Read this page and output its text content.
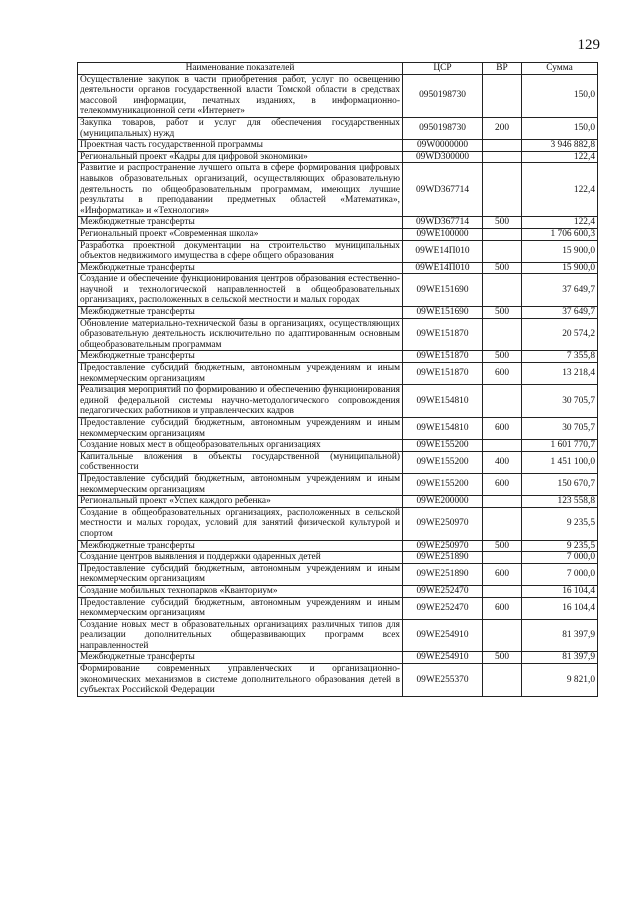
129
Наименование показателей	ЦСР	ВР	Сумма
Осуществление закупок в части приобретения работ, услуг по освещению деятельности органов государственной власти Томской области в средствах массовой информации, печатных изданиях, в информационно-телекоммуникационной сети «Интернет»	0950198730		150,0
Закупка товаров, работ и услуг для обеспечения государственных (муниципальных) нужд	0950198730	200	150,0
Проектная часть государственной программы	09W0000000		3 946 882,8
Региональный проект «Кадры для цифровой экономики»	09WD300000		122,4
Развитие и распространение лучшего опыта в сфере формирования цифровых навыков образовательных организаций, осуществляющих образовательную деятельность по общеобразовательным программам, имеющих лучшие результаты в преподавании предметных областей «Математика», «Информатика» и «Технология»	09WD367714		122,4
Межбюджетные трансферты	09WD367714	500	122,4
Региональный проект «Современная школа»	09WE100000		1 706 600,3
Разработка проектной документации на строительство муниципальных объектов недвижимого имущества в сфере общего образования	09WE14П010		15 900,0
Межбюджетные трансферты	09WE14П010	500	15 900,0
Создание и обеспечение функционирования центров образования естественно-научной и технологической направленностей в общеобразовательных организациях, расположенных в сельской местности и малых городах	09WE151690		37 649,7
Межбюджетные трансферты	09WE151690	500	37 649,7
Обновление материально-технической базы в организациях, осуществляющих образовательную деятельность исключительно по адаптированным основным общеобразовательным программам	09WE151870		20 574,2
Межбюджетные трансферты	09WE151870	500	7 355,8
Предоставление субсидий бюджетным, автономным учреждениям и иным некоммерческим организациям	09WE151870	600	13 218,4
Реализация мероприятий по формированию и обеспечению функционирования единой федеральной системы научно-методологического сопровождения педагогических работников и управленческих кадров	09WE154810		30 705,7
Предоставление субсидий бюджетным, автономным учреждениям и иным некоммерческим организациям	09WE154810	600	30 705,7
Создание новых мест в общеобразовательных организациях	09WE155200		1 601 770,7
Капитальные вложения в объекты государственной (муниципальной) собственности	09WE155200	400	1 451 100,0
Предоставление субсидий бюджетным, автономным учреждениям и иным некоммерческим организациям	09WE155200	600	150 670,7
Региональный проект «Успех каждого ребенка»	09WE200000		123 558,8
Создание в общеобразовательных организациях, расположенных в сельской местности и малых городах, условий для занятий физической культурой и спортом	09WE250970		9 235,5
Межбюджетные трансферты	09WE250970	500	9 235,5
Создание центров выявления и поддержки одаренных детей	09WE251890		7 000,0
Предоставление субсидий бюджетным, автономным учреждениям и иным некоммерческим организациям	09WE251890	600	7 000,0
Создание мобильных технопарков «Кванториум»	09WE252470		16 104,4
Предоставление субсидий бюджетным, автономным учреждениям и иным некоммерческим организациям	09WE252470	600	16 104,4
Создание новых мест в образовательных организациях различных типов для реализации дополнительных общеразвивающих программ всех направленностей	09WE254910		81 397,9
Межбюджетные трансферты	09WE254910	500	81 397,9
Формирование современных управленческих и организационно-экономических механизмов в системе дополнительного образования детей в субъектах Российской Федерации	09WE255370		9 821,0
